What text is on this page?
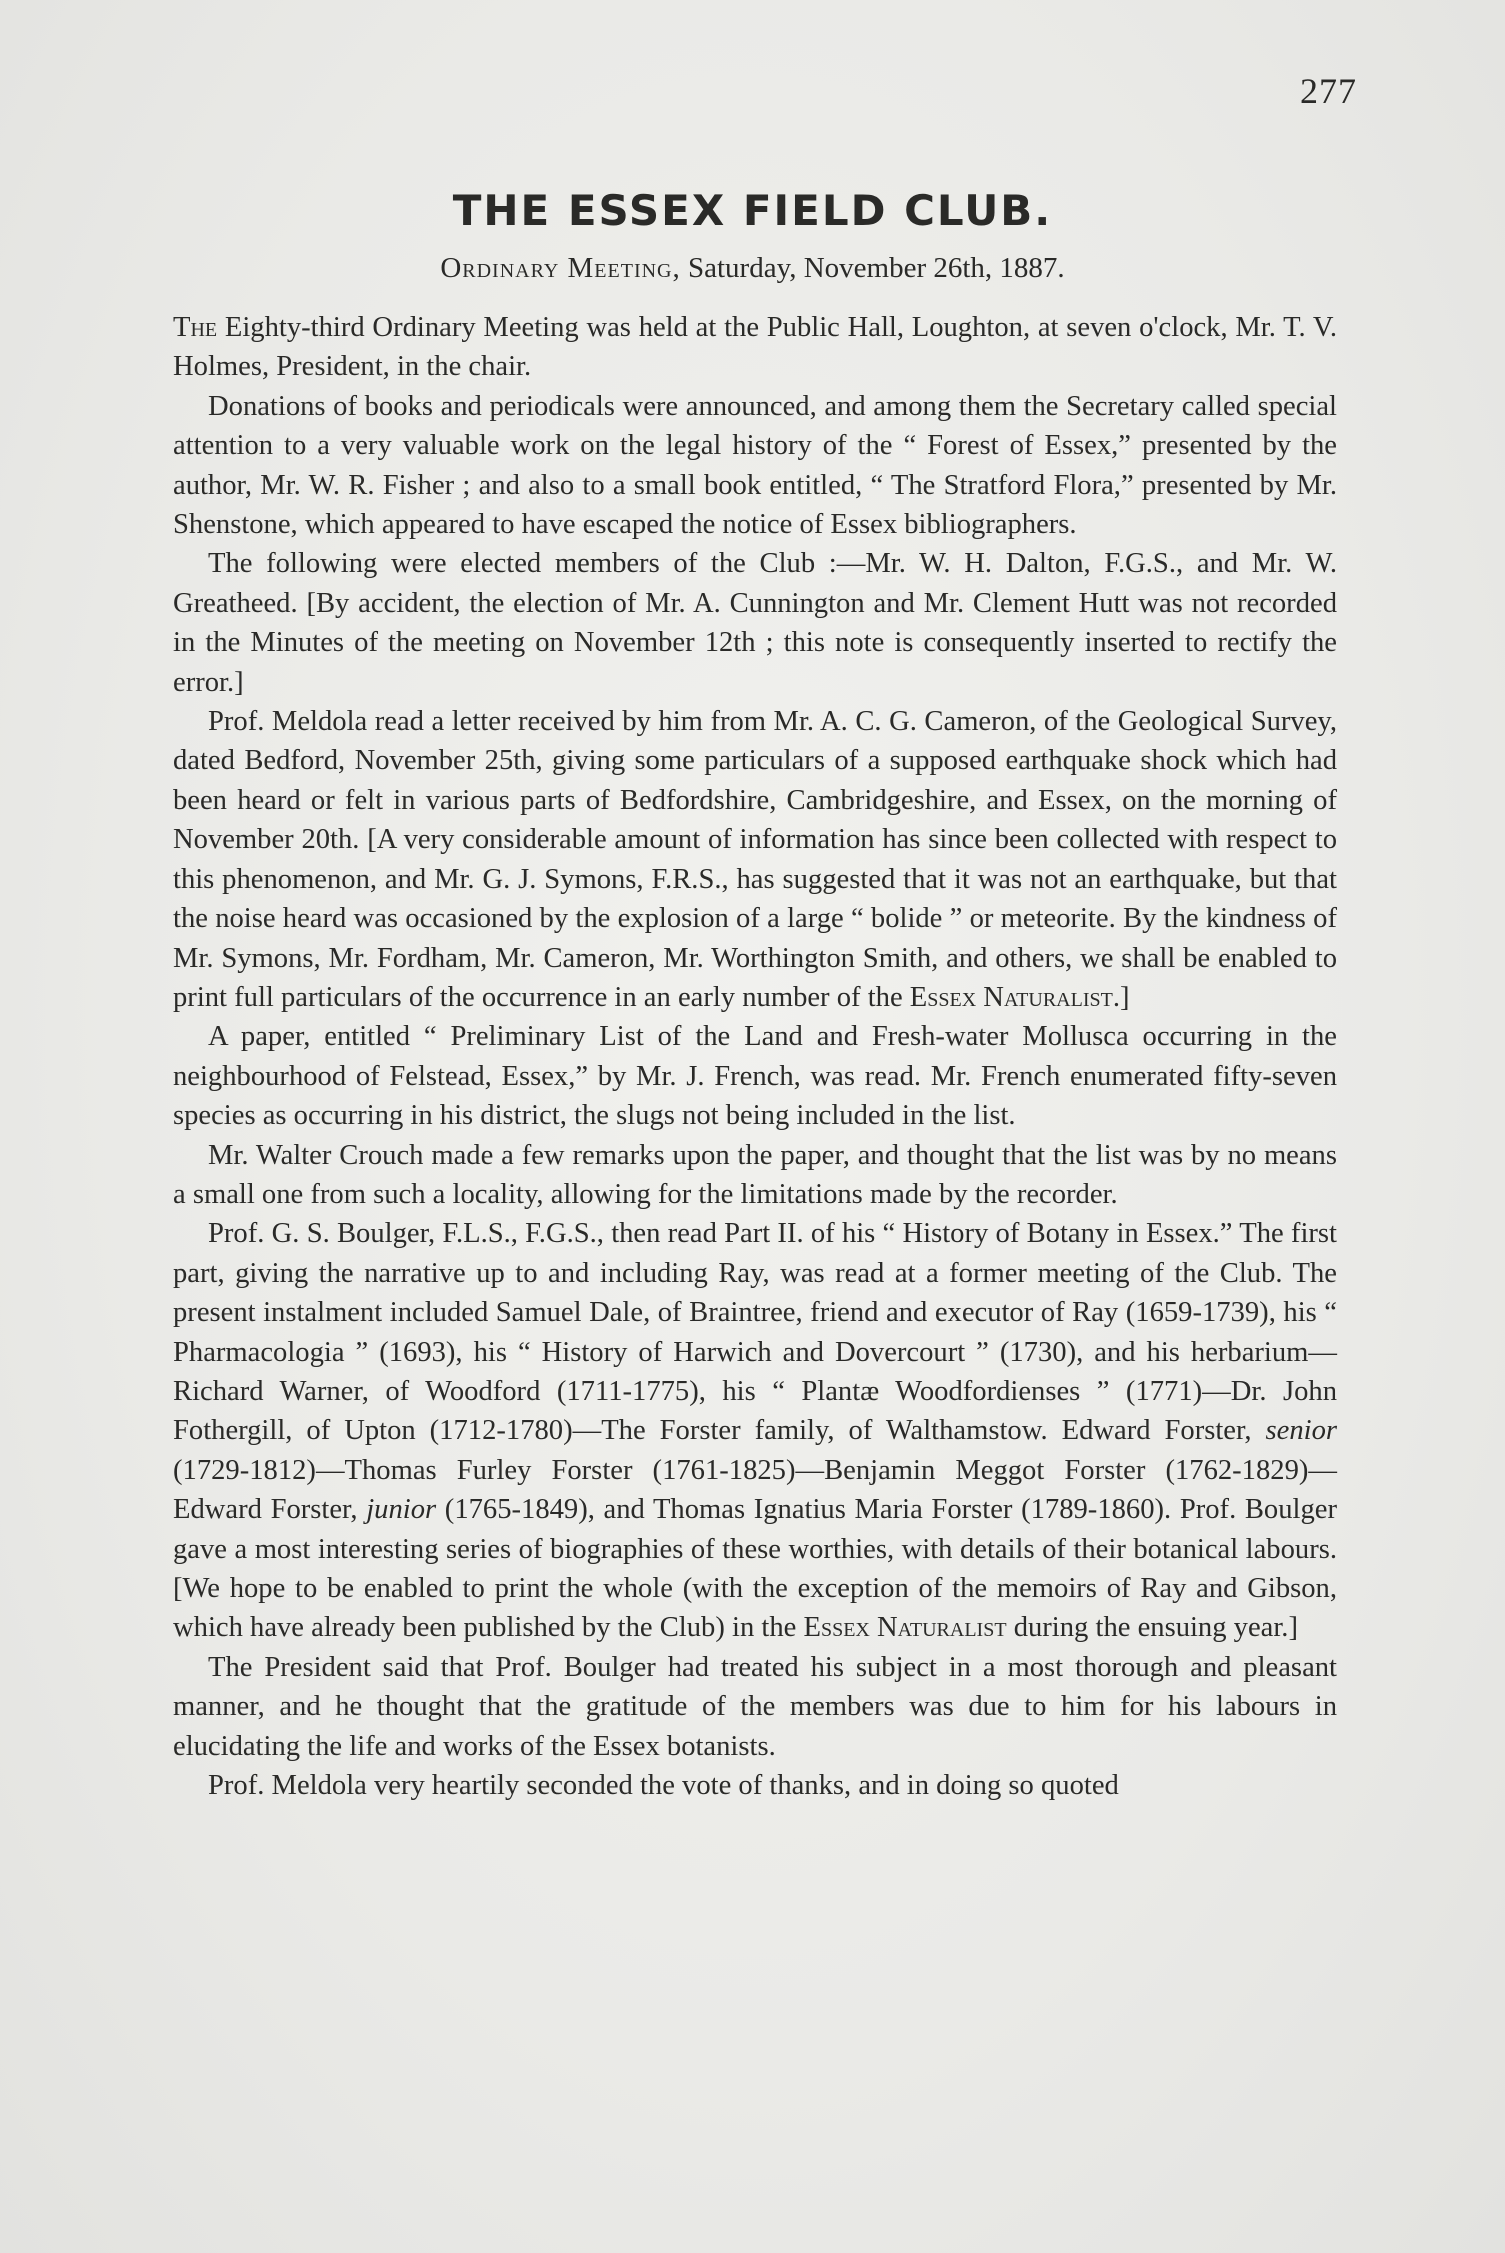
277
THE ESSEX FIELD CLUB.
Ordinary Meeting, Saturday, November 26th, 1887.

The Eighty-third Ordinary Meeting was held at the Public Hall, Loughton, at seven o'clock, Mr. T. V. Holmes, President, in the chair.

Donations of books and periodicals were announced, and among them the Secretary called special attention to a very valuable work on the legal history of the “ Forest of Essex,” presented by the author, Mr. W. R. Fisher ; and also to a small book entitled, “ The Stratford Flora,” presented by Mr. Shenstone, which appeared to have escaped the notice of Essex bibliographers.

The following were elected members of the Club :—Mr. W. H. Dalton, F.G.S., and Mr. W. Greatheed. [By accident, the election of Mr. A. Cunnington and Mr. Clement Hutt was not recorded in the Minutes of the meeting on November 12th ; this note is consequently inserted to rectify the error.]

Prof. Meldola read a letter received by him from Mr. A. C. G. Cameron, of the Geological Survey, dated Bedford, November 25th, giving some particulars of a supposed earthquake shock which had been heard or felt in various parts of Bedfordshire, Cambridgeshire, and Essex, on the morning of November 20th. [A very considerable amount of information has since been collected with respect to this phenomenon, and Mr. G. J. Symons, F.R.S., has suggested that it was not an earthquake, but that the noise heard was occasioned by the explosion of a large “ bolide ” or meteorite. By the kindness of Mr. Symons, Mr. Fordham, Mr. Cameron, Mr. Worthington Smith, and others, we shall be enabled to print full particulars of the occurrence in an early number of the Essex Naturalist.]

A paper, entitled “ Preliminary List of the Land and Fresh-water Mollusca occurring in the neighbourhood of Felstead, Essex,” by Mr. J. French, was read. Mr. French enumerated fifty-seven species as occurring in his district, the slugs not being included in the list.

Mr. Walter Crouch made a few remarks upon the paper, and thought that the list was by no means a small one from such a locality, allowing for the limitations made by the recorder.

Prof. G. S. Boulger, F.L.S., F.G.S., then read Part II. of his “ History of Botany in Essex.” The first part, giving the narrative up to and including Ray, was read at a former meeting of the Club. The present instalment included Samuel Dale, of Braintree, friend and executor of Ray (1659-1739), his “ Pharmacologia ” (1693), his “ History of Harwich and Dovercourt ” (1730), and his herbarium—Richard Warner, of Woodford (1711-1775), his “ Plantæ Woodfordienses ” (1771)—Dr. John Fothergill, of Upton (1712-1780)—The Forster family, of Walthamstow. Edward Forster, senior (1729-1812)—Thomas Furley Forster (1761-1825)—Benjamin Meggot Forster (1762-1829)—Edward Forster, junior (1765-1849), and Thomas Ignatius Maria Forster (1789-1860). Prof. Boulger gave a most interesting series of biographies of these worthies, with details of their botanical labours. [We hope to be enabled to print the whole (with the exception of the memoirs of Ray and Gibson, which have already been published by the Club) in the Essex Naturalist during the ensuing year.]

The President said that Prof. Boulger had treated his subject in a most thorough and pleasant manner, and he thought that the gratitude of the members was due to him for his labours in elucidating the life and works of the Essex botanists.

Prof. Meldola very heartily seconded the vote of thanks, and in doing so quoted
